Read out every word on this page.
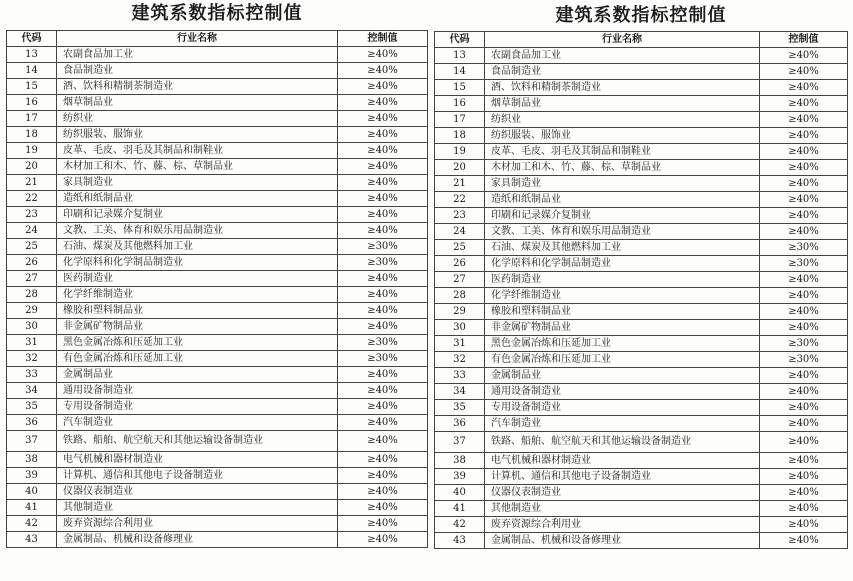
建筑系数指标控制值
代码	行业名称	控制值
13	农副食品加工业	≥40%
14	食品制造业	≥40%
15	酒、饮料和精制茶制造业	≥40%
16	烟草制品业	≥40%
17	纺织业	≥40%
18	纺织服装、服饰业	≥40%
19	皮革、毛皮、羽毛及其制品和制鞋业	≥40%
20	木材加工和木、竹、藤、棕、草制品业	≥40%
21	家具制造业	≥40%
22	造纸和纸制品业	≥40%
23	印刷和记录媒介复制业	≥40%
24	文教、工美、体育和娱乐用品制造业	≥40%
25	石油、煤炭及其他燃料加工业	≥30%
26	化学原料和化学制品制造业	≥30%
27	医药制造业	≥40%
28	化学纤维制造业	≥40%
29	橡胶和塑料制品业	≥40%
30	非金属矿物制品业	≥40%
31	黑色金属冶炼和压延加工业	≥30%
32	有色金属冶炼和压延加工业	≥30%
33	金属制品业	≥40%
34	通用设备制造业	≥40%
35	专用设备制造业	≥40%
36	汽车制造业	≥40%
37	铁路、船舶、航空航天和其他运输设备制造业	≥40%
38	电气机械和器材制造业	≥40%
39	计算机、通信和其他电子设备制造业	≥40%
40	仪器仪表制造业	≥40%
41	其他制造业	≥40%
42	废弃资源综合利用业	≥40%
43	金属制品、机械和设备修理业	≥40%
建筑系数指标控制值
代码	行业名称	控制值
13	农副食品加工业	≥40%
14	食品制造业	≥40%
15	酒、饮料和精制茶制造业	≥40%
16	烟草制品业	≥40%
17	纺织业	≥40%
18	纺织服装、服饰业	≥40%
19	皮革、毛皮、羽毛及其制品和制鞋业	≥40%
20	木材加工和木、竹、藤、棕、草制品业	≥40%
21	家具制造业	≥40%
22	造纸和纸制品业	≥40%
23	印刷和记录媒介复制业	≥40%
24	文教、工美、体育和娱乐用品制造业	≥40%
25	石油、煤炭及其他燃料加工业	≥30%
26	化学原料和化学制品制造业	≥30%
27	医药制造业	≥40%
28	化学纤维制造业	≥40%
29	橡胶和塑料制品业	≥40%
30	非金属矿物制品业	≥40%
31	黑色金属冶炼和压延加工业	≥30%
32	有色金属冶炼和压延加工业	≥30%
33	金属制品业	≥40%
34	通用设备制造业	≥40%
35	专用设备制造业	≥40%
36	汽车制造业	≥40%
37	铁路、船舶、航空航天和其他运输设备制造业	≥40%
38	电气机械和器材制造业	≥40%
39	计算机、通信和其他电子设备制造业	≥40%
40	仪器仪表制造业	≥40%
41	其他制造业	≥40%
42	废弃资源综合利用业	≥40%
43	金属制品、机械和设备修理业	≥40%
